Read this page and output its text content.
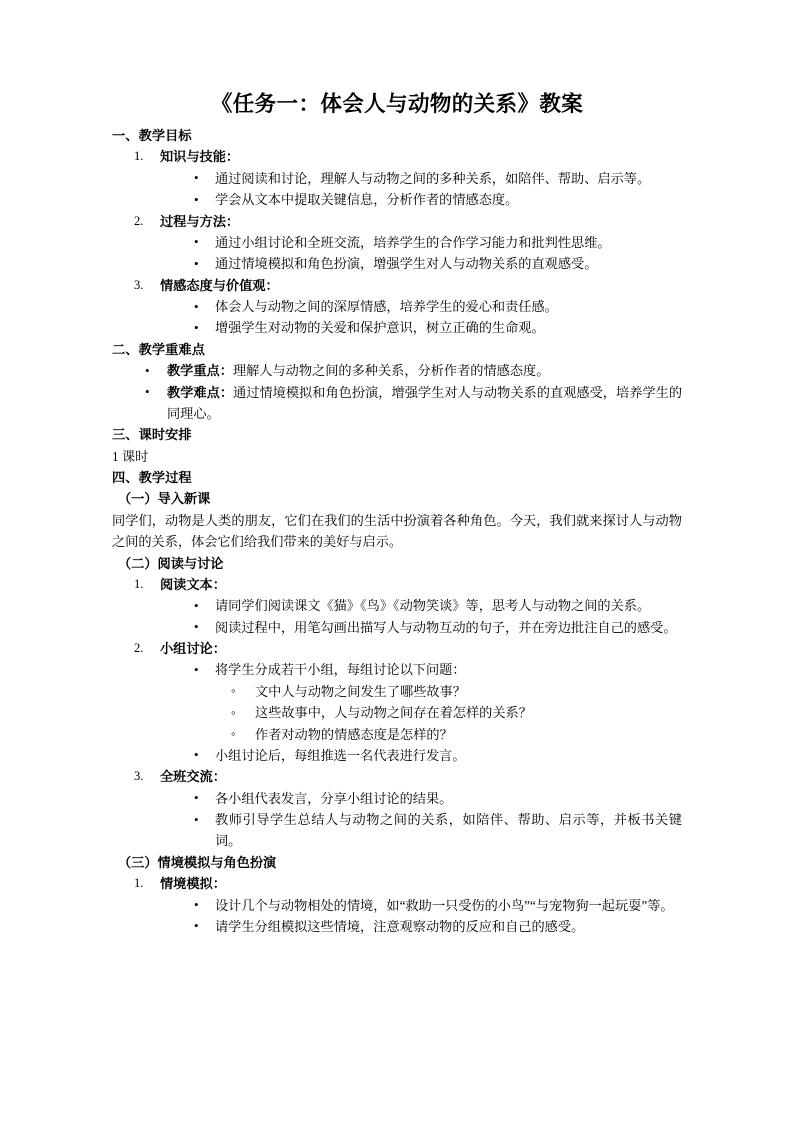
《任务一：体会人与动物的关系》教案

一、教学目标

1. 知识与技能：
• 通过阅读和讨论，理解人与动物之间的多种关系，如陪伴、帮助、启示等。
• 学会从文本中提取关键信息，分析作者的情感态度。
2. 过程与方法：
• 通过小组讨论和全班交流，培养学生的合作学习能力和批判性思维。
• 通过情境模拟和角色扮演，增强学生对人与动物关系的直观感受。
3. 情感态度与价值观：
• 体会人与动物之间的深厚情感，培养学生的爱心和责任感。
• 增强学生对动物的关爱和保护意识，树立正确的生命观。

二、教学重难点

• 教学重点：理解人与动物之间的多种关系，分析作者的情感态度。
• 教学难点：通过情境模拟和角色扮演，增强学生对人与动物关系的直观感受，培养学生的同理心。

三、课时安排

1 课时

四、教学过程

（一）导入新课

同学们，动物是人类的朋友，它们在我们的生活中扮演着各种角色。今天，我们就来探讨人与动物之间的关系，体会它们给我们带来的美好与启示。

（二）阅读与讨论

1. 阅读文本：
• 请同学们阅读课文《猫》《鸟》《动物笑谈》等，思考人与动物之间的关系。
• 阅读过程中，用笔勾画出描写人与动物互动的句子，并在旁边批注自己的感受。
2. 小组讨论：
• 将学生分成若干小组，每组讨论以下问题：
◦ 文中人与动物之间发生了哪些故事？
◦ 这些故事中，人与动物之间存在着怎样的关系？
◦ 作者对动物的情感态度是怎样的？
• 小组讨论后，每组推选一名代表进行发言。
3. 全班交流：
• 各小组代表发言，分享小组讨论的结果。
• 教师引导学生总结人与动物之间的关系，如陪伴、帮助、启示等，并板书关键词。

（三）情境模拟与角色扮演

1. 情境模拟：
• 设计几个与动物相处的情境，如“救助一只受伤的小鸟”“与宠物狗一起玩耍”等。
• 请学生分组模拟这些情境，注意观察动物的反应和自己的感受。
